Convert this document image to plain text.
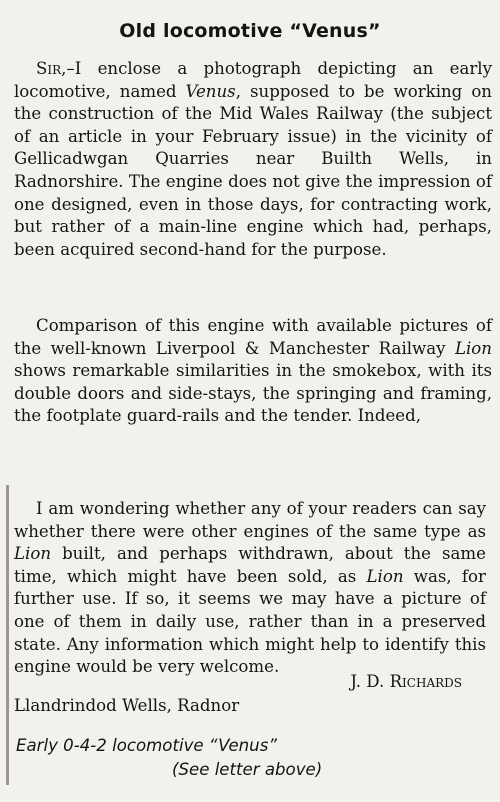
Old locomotive “Venus”

Sir,–I enclose a photograph depicting an early locomotive, named Venus, supposed to be working on the construction of the Mid Wales Railway (the subject of an article in your February issue) in the vicinity of Gellicadwgan Quarries near Builth Wells, in Radnorshire. The engine does not give the impression of one designed, even in those days, for contracting work, but rather of a main-line engine which had, perhaps, been acquired second-hand for the purpose.

Comparison of this engine with available pictures of the well-known Liverpool & Manchester Railway Lion shows remarkable similarities in the smokebox, with its double doors and side-stays, the springing and framing, the footplate guard-rails and the tender. Indeed,

I am wondering whether any of your readers can say whether there were other engines of the same type as Lion built, and perhaps withdrawn, about the same time, which might have been sold, as Lion was, for further use. If so, it seems we may have a picture of one of them in daily use, rather than in a preserved state. Any information which might help to identify this engine would be very welcome.

J. D. Richards
Llandrindod Wells, Radnor
Early 0-4-2 locomotive “Venus”
(See letter above)
